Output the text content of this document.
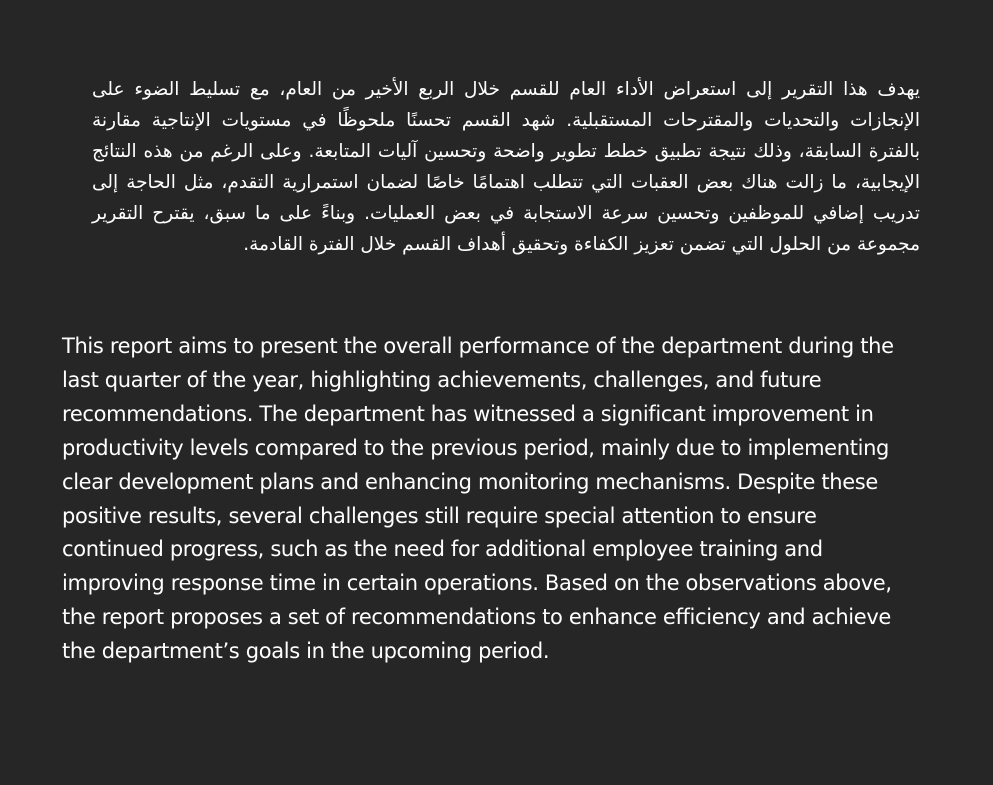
يهدف هذا التقرير إلى استعراض الأداء العام للقسم خلال الربع الأخير من العام، مع تسليط الضوء على الإنجازات والتحديات والمقترحات المستقبلية. شهد القسم تحسنًا ملحوظًا في مستويات الإنتاجية مقارنة بالفترة السابقة، وذلك نتيجة تطبيق خطط تطوير واضحة وتحسين آليات المتابعة. وعلى الرغم من هذه النتائج الإيجابية، ما زالت هناك بعض العقبات التي تتطلب اهتمامًا خاصًا لضمان استمرارية التقدم، مثل الحاجة إلى تدريب إضافي للموظفين وتحسين سرعة الاستجابة في بعض العمليات. وبناءً على ما سبق، يقترح التقرير مجموعة من الحلول التي تضمن تعزيز الكفاءة وتحقيق أهداف القسم خلال الفترة القادمة.

This report aims to present the overall performance of the department during the last quarter of the year, highlighting achievements, challenges, and future recommendations. The department has witnessed a significant improvement in productivity levels compared to the previous period, mainly due to implementing clear development plans and enhancing monitoring mechanisms. Despite these positive results, several challenges still require special attention to ensure continued progress, such as the need for additional employee training and improving response time in certain operations. Based on the observations above, the report proposes a set of recommendations to enhance efficiency and achieve the department’s goals in the upcoming period.
